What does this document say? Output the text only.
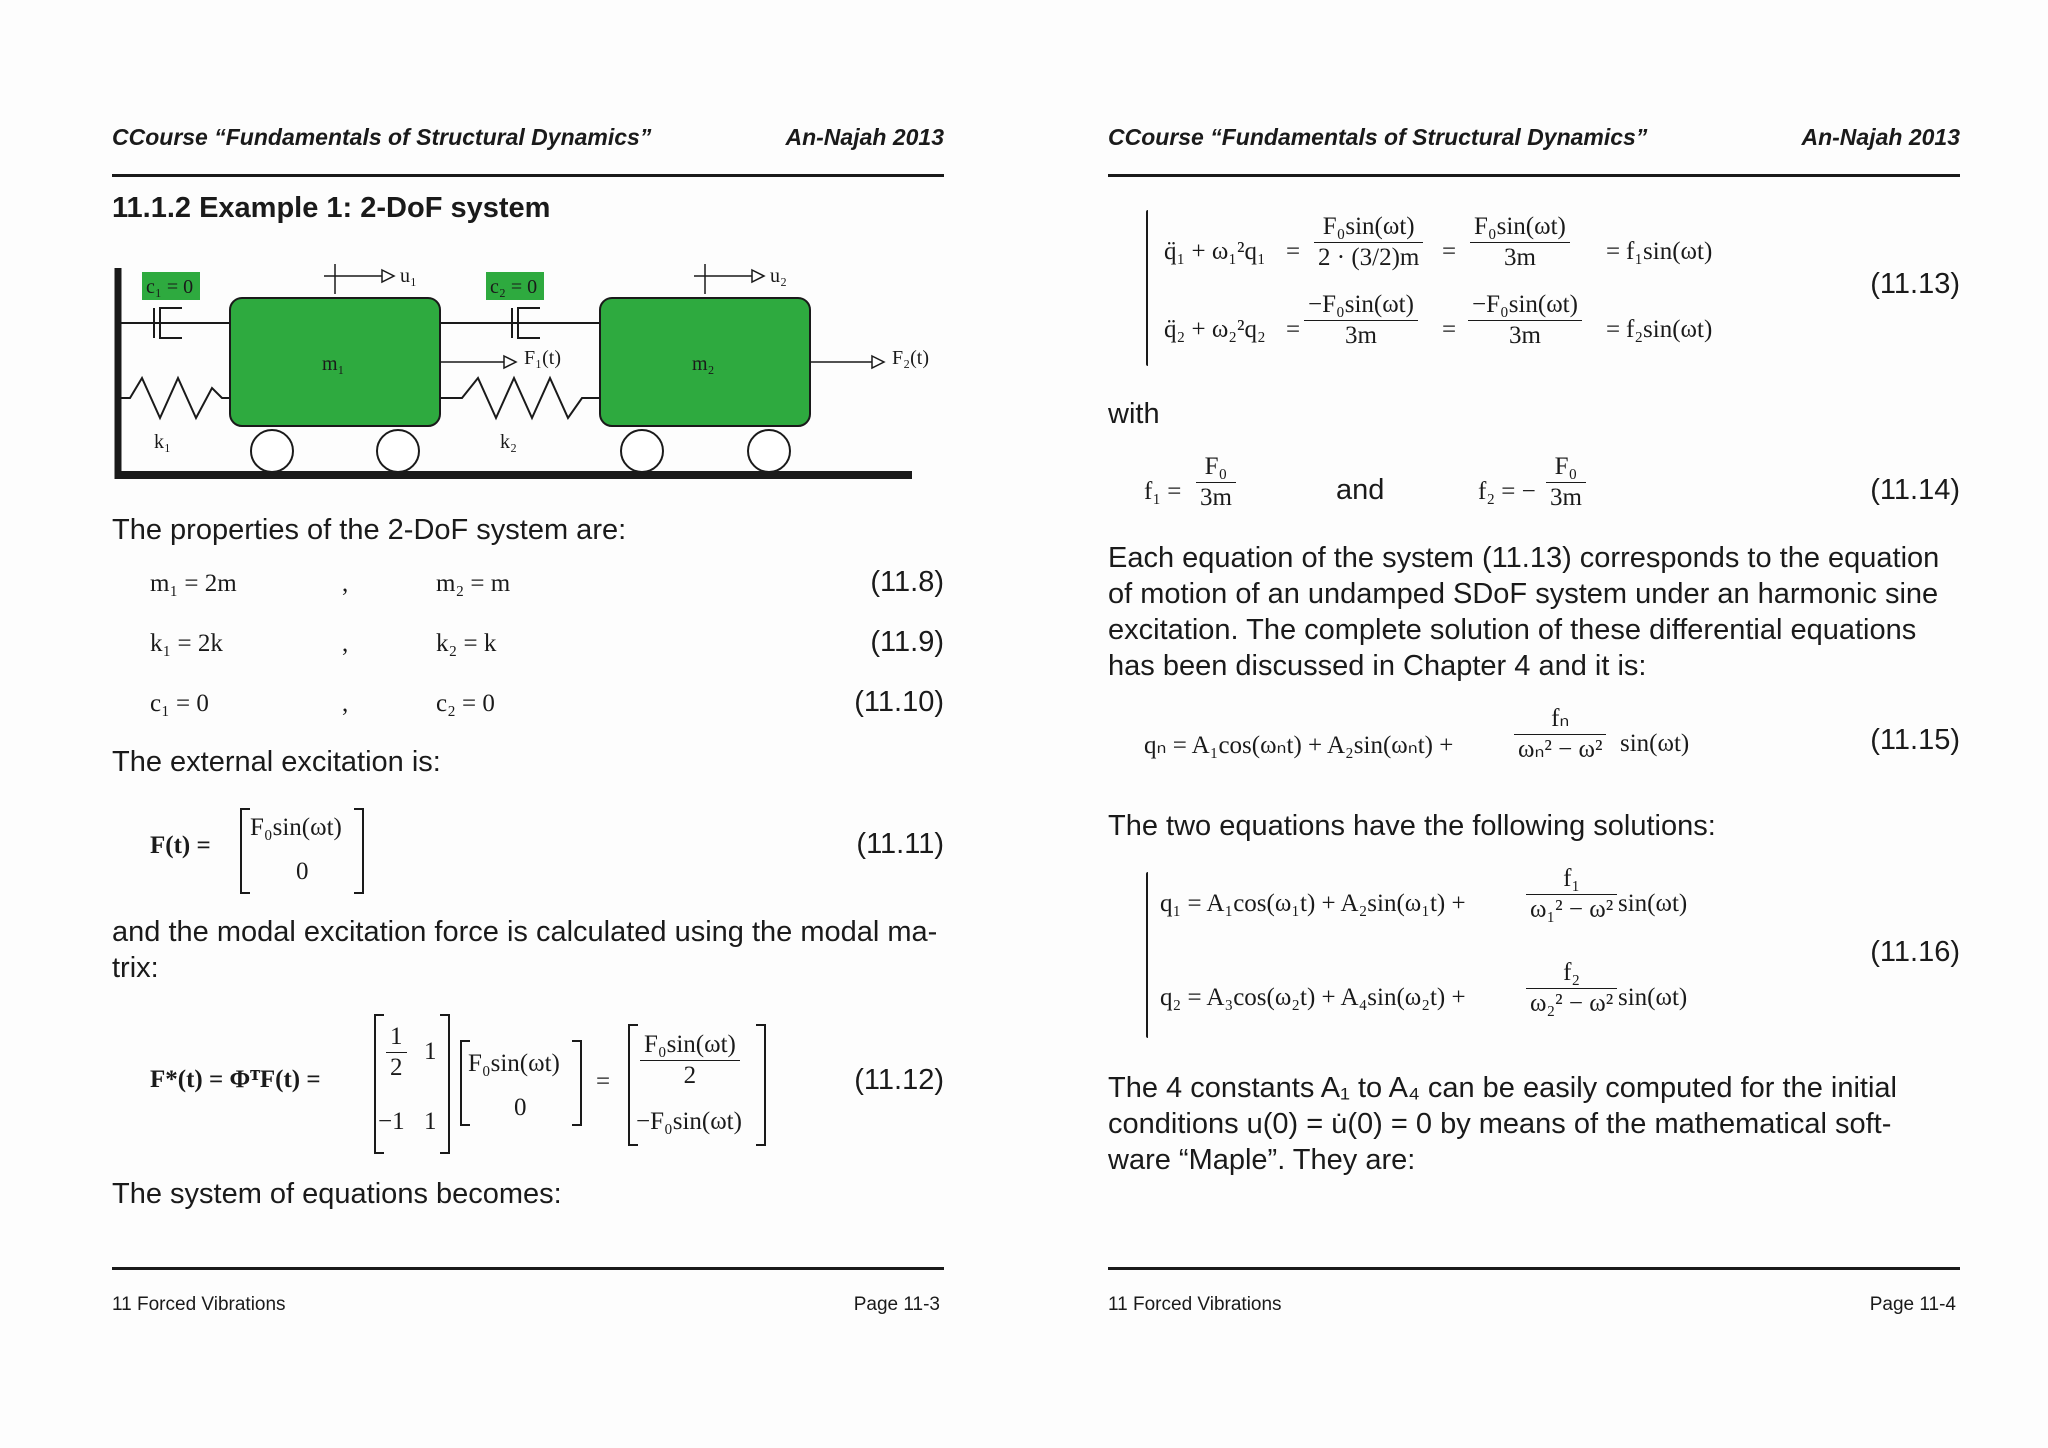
CCourse “Fundamentals of Structural Dynamics”	An-Najah 2013
11.1.2 Example 1: 2-DoF system
c₁ = 0	c₂ = 0
u₁	u₂
m₁	m₂
k₁	k₂
F₁(t)	F₂(t)
The properties of the 2-DoF system are:
m₁ = 2m	,	m₂ = m	(11.8)
k₁ = 2k	,	k₂ = k	(11.9)
c₁ = 0	,	c₂ = 0	(11.10)
The external excitation is:
F(t) =
F₀sin(ωt)
0
(11.11)
and the modal excitation force is calculated using the modal ma-
trix:
F*(t) = ΦᵀF(t) =	$\frac{1}{2} 1$
−1 1
F₀sin(ωt)
0
= $\frac{\text{F₀sin(ωt)}}{2}$
−F₀sin(ωt)
(11.12)
The system of equations becomes:
11 Forced Vibrations	Page 11-3
CCourse “Fundamentals of Structural Dynamics”	An-Najah 2013
q̈₁ + $\omega_1^2q_1 = \frac{\text{F₀sin(ωt)}}{2 \cdot (3/2)m} = \frac{\text{F₀sin(ωt)}}{3m} = f_1\sin(\omega t)$
q̈₂ + $\omega_2^2q_2 = \frac{\text{−F₀sin(ωt)}}{3m} = \frac{\text{−F₀sin(ωt)}}{3m} = f_2\sin(\omega t)$
(11.13)
with
$f_1 = \frac{\text{F₀}}{3m}$	and	f₂ = − $\frac{\text{F₀}}{3m}$	(11.14)
Each equation of the system (11.13) corresponds to the equation
of motion of an undamped SDoF system under an harmonic sine
excitation. The complete solution of these differential equations
has been discussed in Chapter 4 and it is:
$q_n = A_1\cos(\omega_nt) + A_2\sin(\omega_nt) + \frac{\text{fₙ}}{\text{ωₙ² − ω²}} \sin(\omega t)$	(11.15)
The two equations have the following solutions:
$q_1 = A_1\cos(\omega_1t) + A_2\sin(\omega_1t) + \frac{\text{f₁}}{\text{ω₁² − ω²}} \sin(\omega t)$
$q_2 = A_3\cos(\omega_2t) + A_4\sin(\omega_2t) + \frac{\text{f₂}}{\text{ω₂² − ω²}} \sin(\omega t)$
(11.16)
The 4 constants A₁ to A₄ can be easily computed for the initial
conditions u(0) = u̇(0) = 0 by means of the mathematical soft-
ware “Maple”. They are:
11 Forced Vibrations	Page 11-4
